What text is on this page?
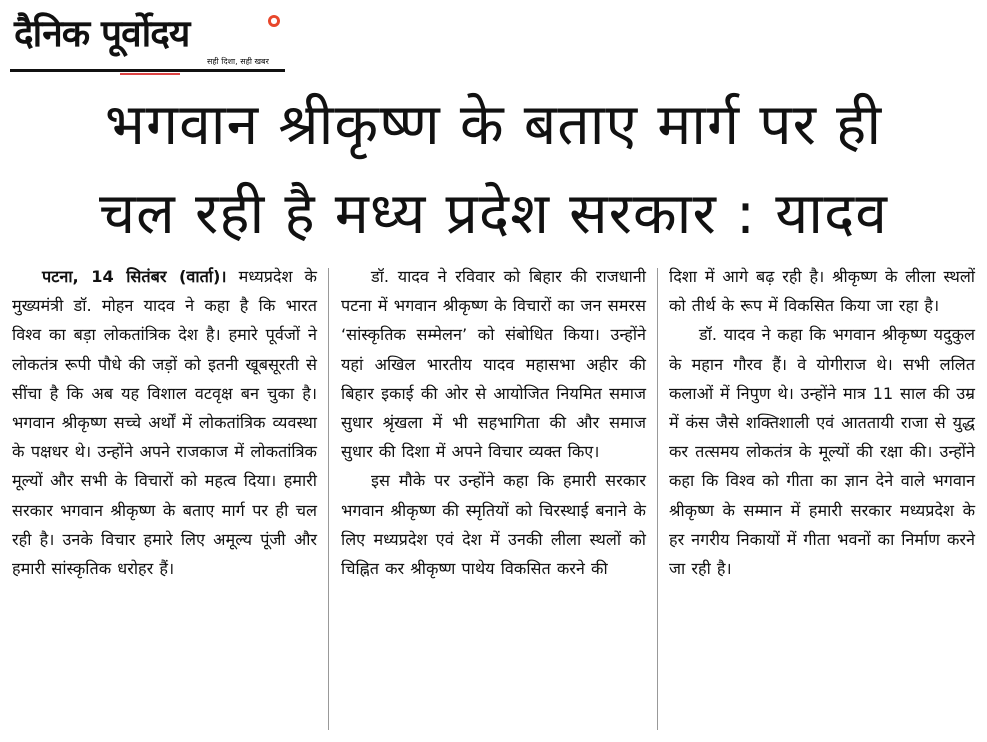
दैनिक पूर्वोदय	●
सही दिशा, सही खबर
भगवान श्रीकृष्ण के बताए मार्ग पर ही
चल रही है मध्य प्रदेश सरकार : यादव

पटना, 14 सितंबर (वार्ता)। मध्यप्रदेश के मुख्यमंत्री डॉ. मोहन यादव ने कहा है कि भारत विश्व का बड़ा लोकतांत्रिक देश है। हमारे पूर्वजों ने लोकतंत्र रूपी पौधे की जड़ों को इतनी खूबसूरती से सींचा है कि अब यह विशाल वटवृक्ष बन चुका है। भगवान श्रीकृष्ण सच्चे अर्थों में लोकतांत्रिक व्यवस्था के पक्षधर थे। उन्होंने अपने राजकाज में लोकतांत्रिक मूल्यों और सभी के विचारों को महत्व दिया। हमारी सरकार भगवान श्रीकृष्ण के बताए मार्ग पर ही चल रही है। उनके विचार हमारे लिए अमूल्य पूंजी और हमारी सांस्कृतिक धरोहर हैं।

डॉ. यादव ने रविवार को बिहार की राजधानी पटना में भगवान श्रीकृष्ण के विचारों का जन समरस ‘सांस्कृतिक सम्मेलन’ को संबोधित किया। उन्होंने यहां अखिल भारतीय यादव महासभा अहीर की बिहार इकाई की ओर से आयोजित नियमित समाज सुधार श्रृंखला में भी सहभागिता की और समाज सुधार की दिशा में अपने विचार व्यक्त किए।

इस मौके पर उन्होंने कहा कि हमारी सरकार भगवान श्रीकृष्ण की स्मृतियों को चिरस्थाई बनाने के लिए मध्यप्रदेश एवं देश में उनकी लीला स्थलों को चिह्नित कर श्रीकृष्ण पाथेय विकसित करने की

दिशा में आगे बढ़ रही है। श्रीकृष्ण के लीला स्थलों को तीर्थ के रूप में विकसित किया जा रहा है।

डॉ. यादव ने कहा कि भगवान श्रीकृष्ण यदुकुल के महान गौरव हैं। वे योगीराज थे। सभी ललित कलाओं में निपुण थे। उन्होंने मात्र 11 साल की उम्र में कंस जैसे शक्तिशाली एवं आततायी राजा से युद्ध कर तत्समय लोकतंत्र के मूल्यों की रक्षा की। उन्होंने कहा कि विश्व को गीता का ज्ञान देने वाले भगवान श्रीकृष्ण के सम्मान में हमारी सरकार मध्यप्रदेश के हर नगरीय निकायों में गीता भवनों का निर्माण करने जा रही है।
